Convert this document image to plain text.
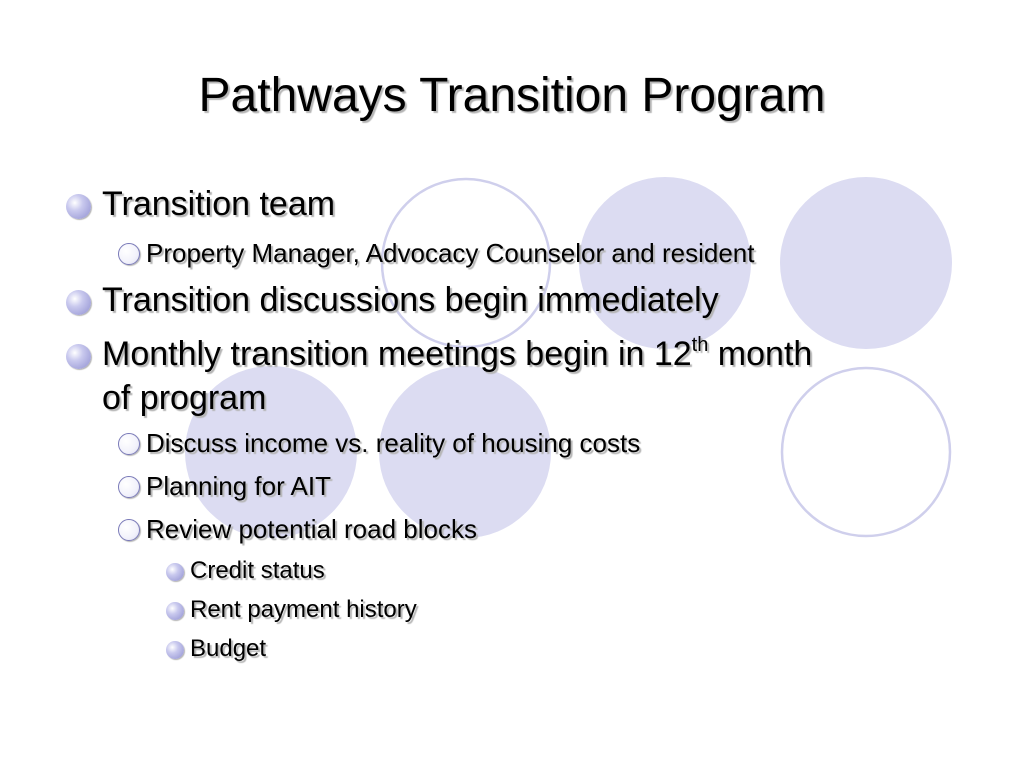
Pathways Transition Program
Transition team
Property Manager, Advocacy Counselor and resident
Transition discussions begin immediately
Monthly transition meetings begin in 12th month
of program
Discuss income vs. reality of housing costs
Planning for AIT
Review potential road blocks
Credit status
Rent payment history
Budget
